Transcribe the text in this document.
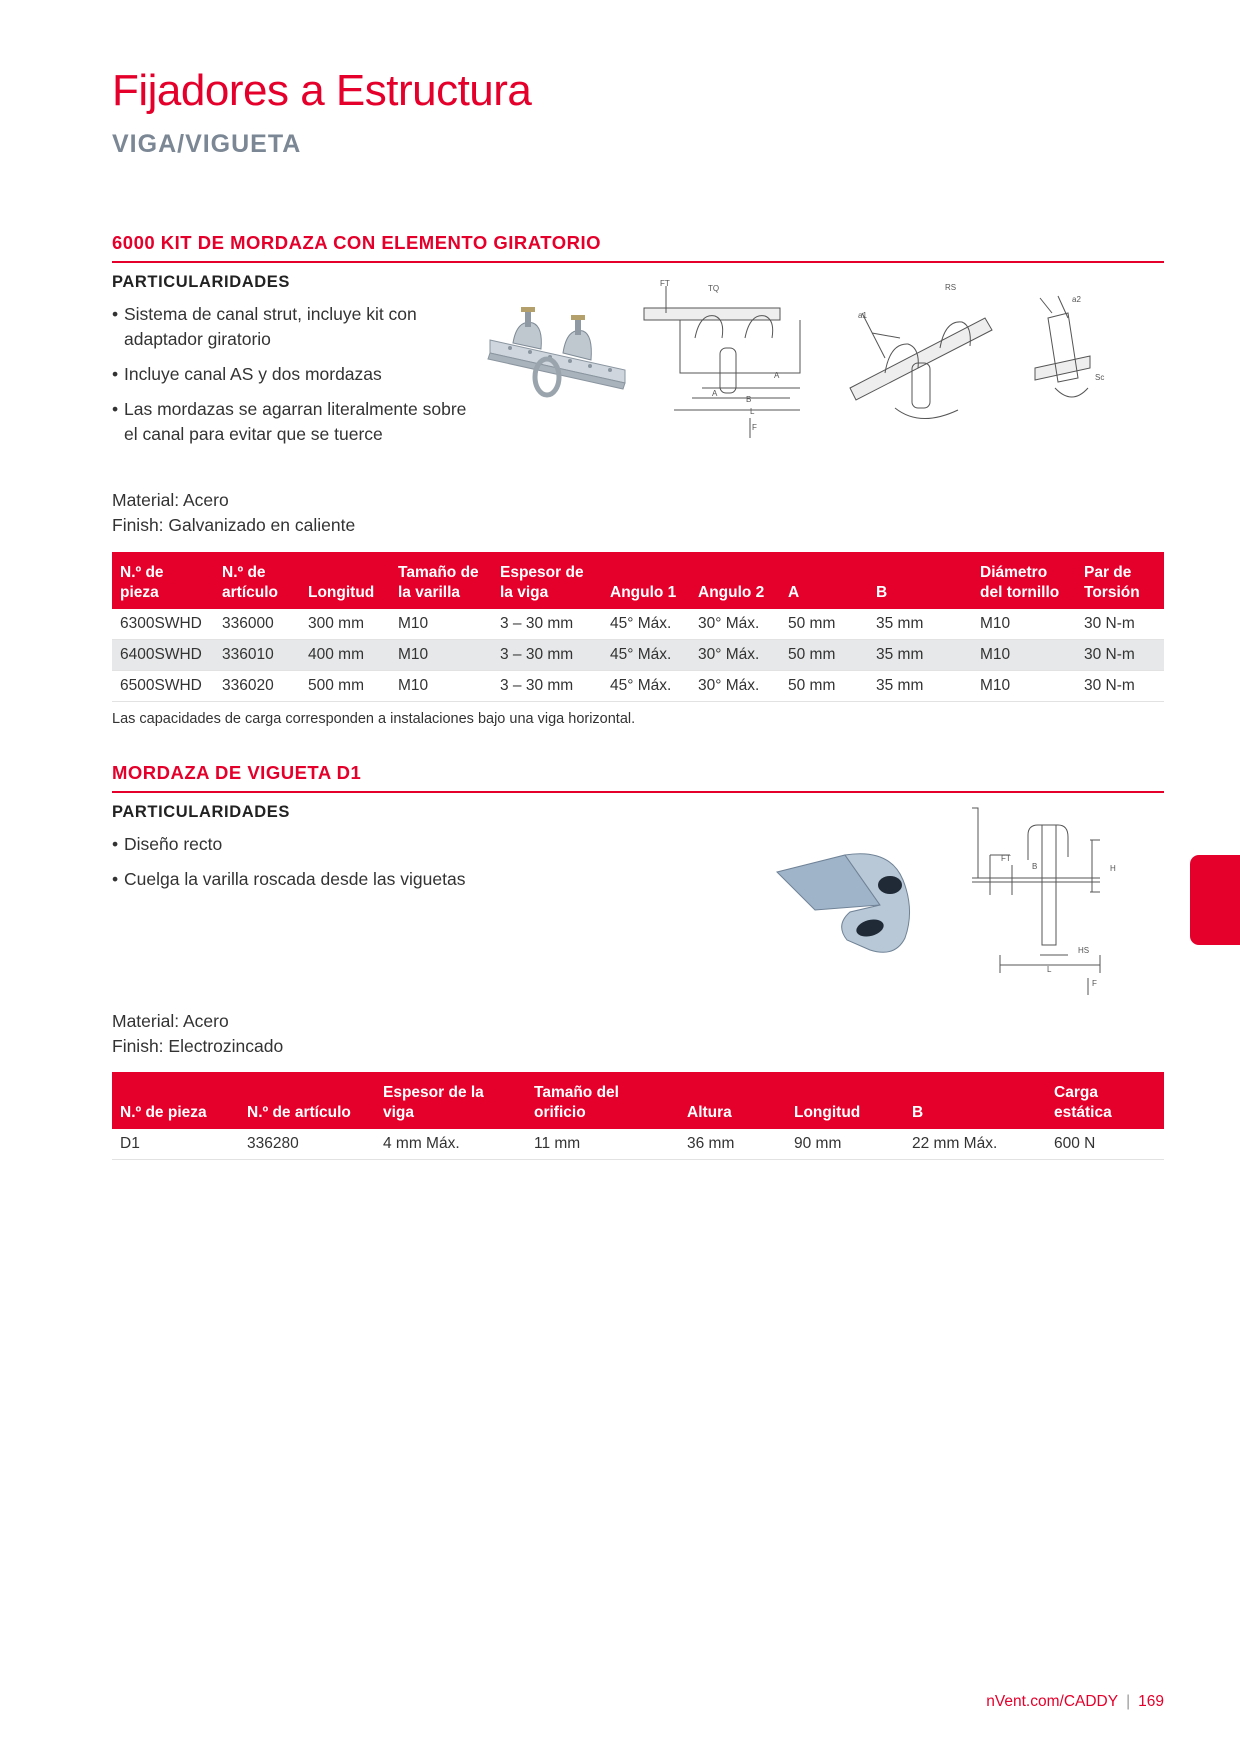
Fijadores a Estructura
VIGA/VIGUETA
6000 KIT DE MORDAZA CON ELEMENTO GIRATORIO
PARTICULARIDADES
• Sistema de canal strut, incluye kit con adaptador giratorio
• Incluye canal AS y dos mordazas
• Las mordazas se agarran literalmente sobre el canal para evitar que se tuerce
FT
TQ
A
A
B
L
F
RS
a1
a2
Sc
Material: Acero
Finish: Galvanizado en caliente
N.º de pieza	N.º de artículo	Longitud	Tamaño de la varilla	Espesor de la viga	Angulo 1	Angulo 2	A	B	Diámetro del tornillo	Par de Torsión
6300SWHD	336000	300 mm	M10	3 – 30 mm	45° Máx.	30° Máx.	50 mm	35 mm	M10	30 N-m
6400SWHD	336010	400 mm	M10	3 – 30 mm	45° Máx.	30° Máx.	50 mm	35 mm	M10	30 N-m
6500SWHD	336020	500 mm	M10	3 – 30 mm	45° Máx.	30° Máx.	50 mm	35 mm	M10	30 N-m
Las capacidades de carga corresponden a instalaciones bajo una viga horizontal.
MORDAZA DE VIGUETA D1
PARTICULARIDADES
• Diseño recto
• Cuelga la varilla roscada desde las viguetas
FT
B	H
HS
L
F
Material: Acero
Finish: Electrozincado
N.º de pieza	N.º de artículo	Espesor de la viga	Tamaño del orificio	Altura	Longitud	B	Carga estática
D1	336280	4 mm Máx.	11 mm	36 mm	90 mm	22 mm Máx.	600 N
nVent.com/CADDY | 169
